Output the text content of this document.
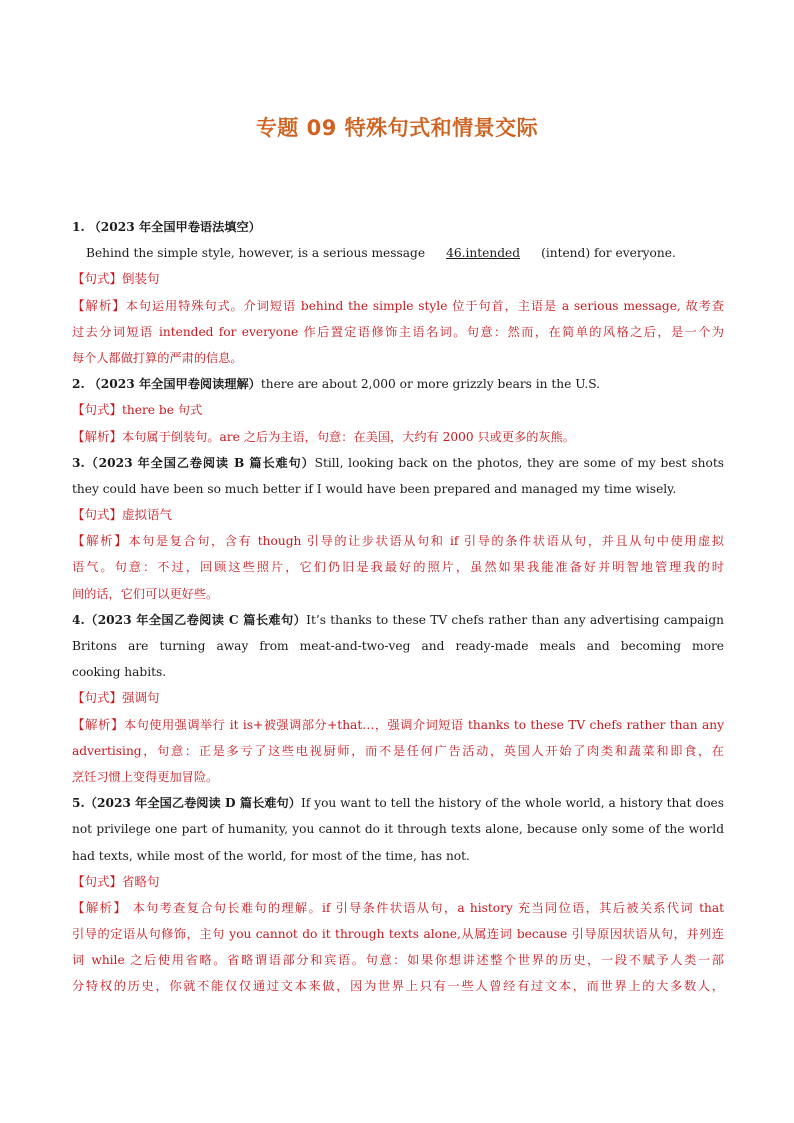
专题 09 特殊句式和情景交际
1. （2023 年全国甲卷语法填空）
Behind the simple style, however, is a serious message 46.intended (intend) for everyone.
【句式】倒装句
【解析】本句运用特殊句式。介词短语 behind the simple style 位于句首，主语是 a serious message, 故考查
过去分词短语 intended for everyone 作后置定语修饰主语名词。句意：然而，在简单的风格之后，是一个为
每个人都做打算的严肃的信息。
2. （2023 年全国甲卷阅读理解）there are about 2,000 or more grizzly bears in the U.S.
【句式】there be 句式
【解析】本句属于倒装句。are 之后为主语，句意：在美国，大约有 2000 只或更多的灰熊。
3.（2023 年全国乙卷阅读 B 篇长难句）Still, looking back on the photos, they are some of my best shots
they could have been so much better if I would have been prepared and managed my time wisely.
【句式】虚拟语气
【解析】本句是复合句，含有 though 引导的让步状语从句和 if 引导的条件状语从句，并且从句中使用虚拟
语气。句意：不过，回顾这些照片，它们仍旧是我最好的照片，虽然如果我能准备好并明智地管理我的时
间的话，它们可以更好些。
4.（2023 年全国乙卷阅读 C 篇长难句）It’s thanks to these TV chefs rather than any advertising campaign
Britons are turning away from meat-and-two-veg and ready-made meals and becoming more
cooking habits.
【句式】强调句
【解析】本句使用强调举行 it is+被强调部分+that…，强调介词短语 thanks to these TV chefs rather than any
advertising，句意：正是多亏了这些电视厨师，而不是任何广告活动，英国人开始了肉类和蔬菜和即食，在
烹饪习惯上变得更加冒险。
5.（2023 年全国乙卷阅读 D 篇长难句）If you want to tell the history of the whole world, a history that does
not privilege one part of humanity, you cannot do it through texts alone, because only some of the world
had texts, while most of the world, for most of the time, has not.
【句式】省略句
【解析】 本句考查复合句长难句的理解。if 引导条件状语从句，a history 充当同位语，其后被关系代词 that
引导的定语从句修饰，主句 you cannot do it through texts alone,从属连词 because 引导原因状语从句，并列连
词 while 之后使用省略。省略谓语部分和宾语。句意：如果你想讲述整个世界的历史，一段不赋予人类一部
分特权的历史，你就不能仅仅通过文本来做，因为世界上只有一些人曾经有过文本，而世界上的大多数人，
